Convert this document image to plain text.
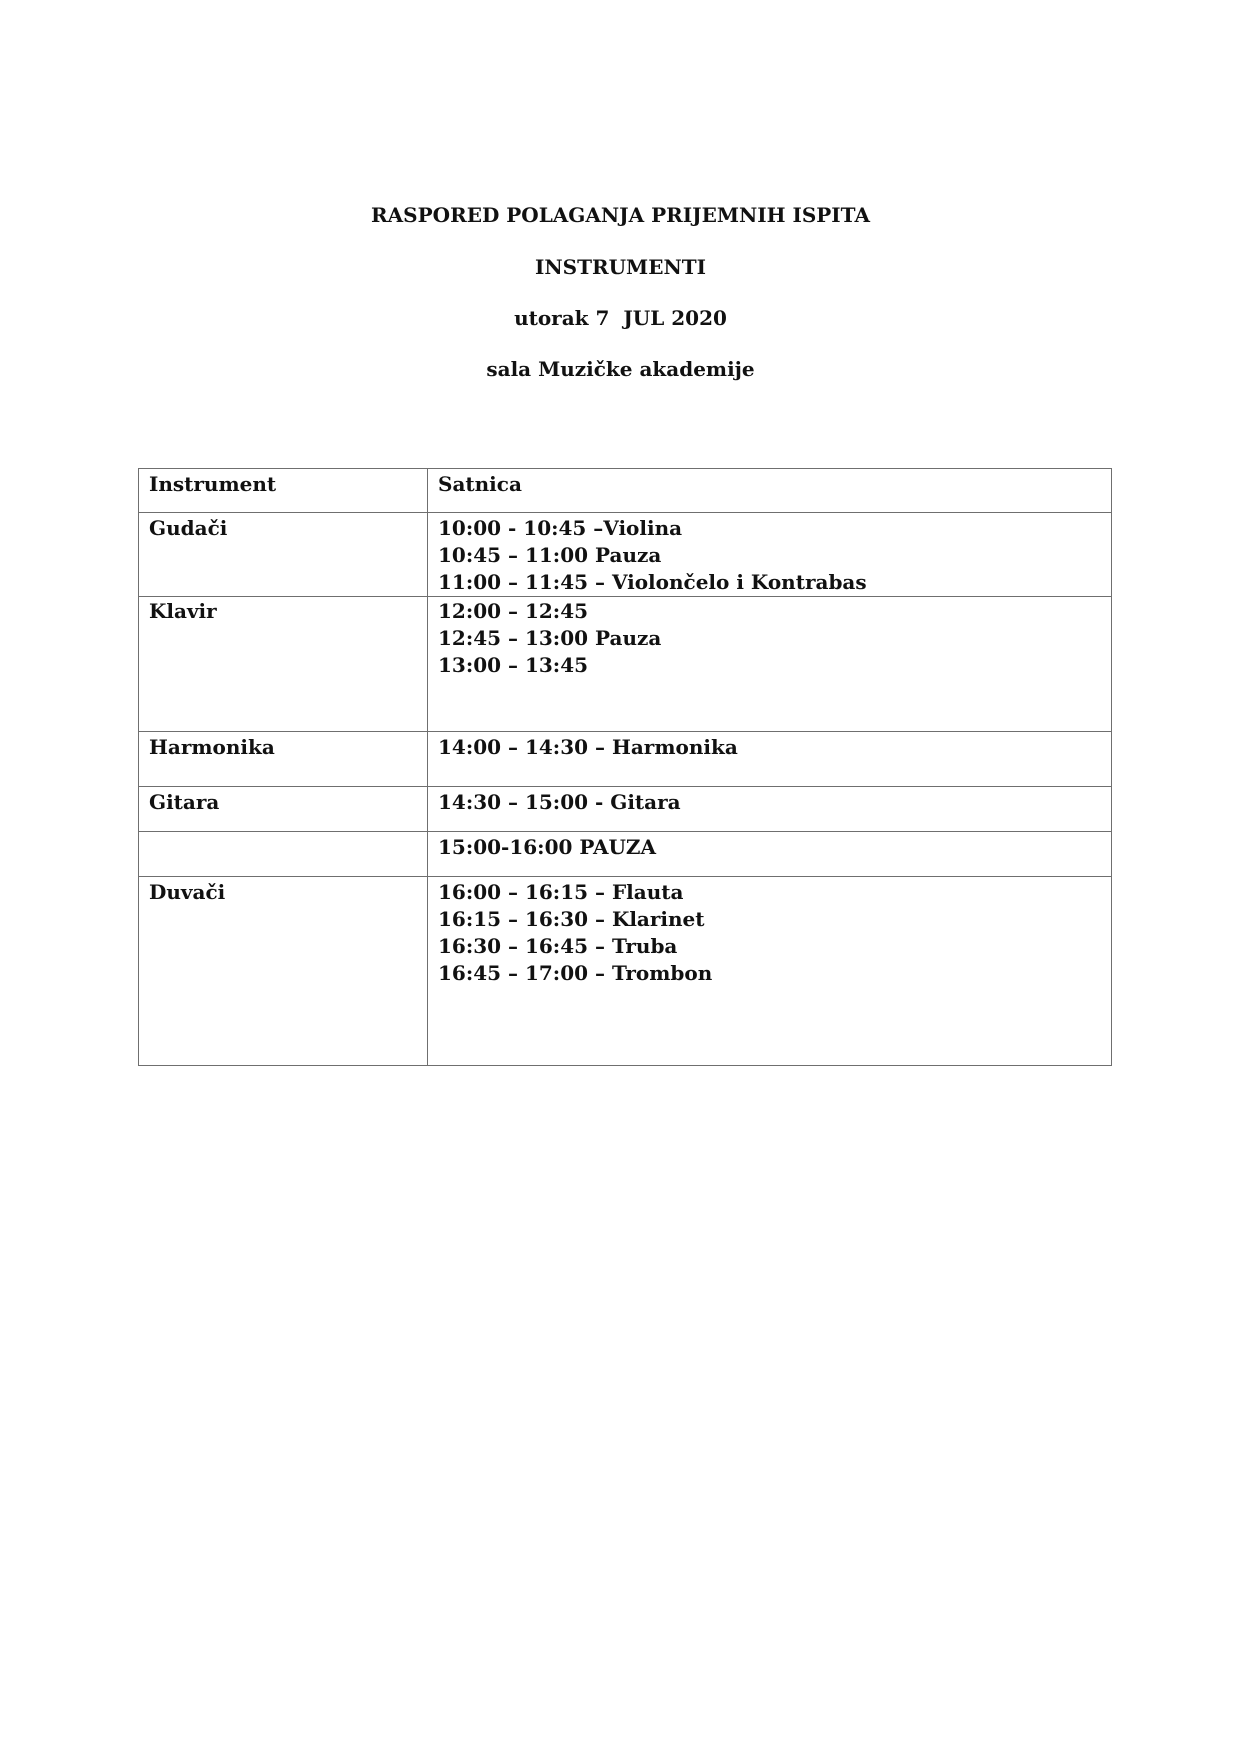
RASPORED POLAGANJA PRIJEMNIH ISPITA
INSTRUMENTI
utorak 7  JUL 2020
sala Muzičke akademije
Instrument	Satnica
Gudači	10:00 - 10:45 –Violina
10:45 – 11:00 Pauza
11:00 – 11:45 – Violončelo i Kontrabas

Klavir	12:00 – 12:45
12:45 – 13:00 Pauza
13:00 – 13:45

Harmonika	14:00 – 14:30 – Harmonika

Gitara	14:30 – 15:00 - Gitara

	15:00-16:00 PAUZA

Duvači	16:00 – 16:15 – Flauta
16:15 – 16:30 – Klarinet
16:30 – 16:45 – Truba
16:45 – 17:00 – Trombon
